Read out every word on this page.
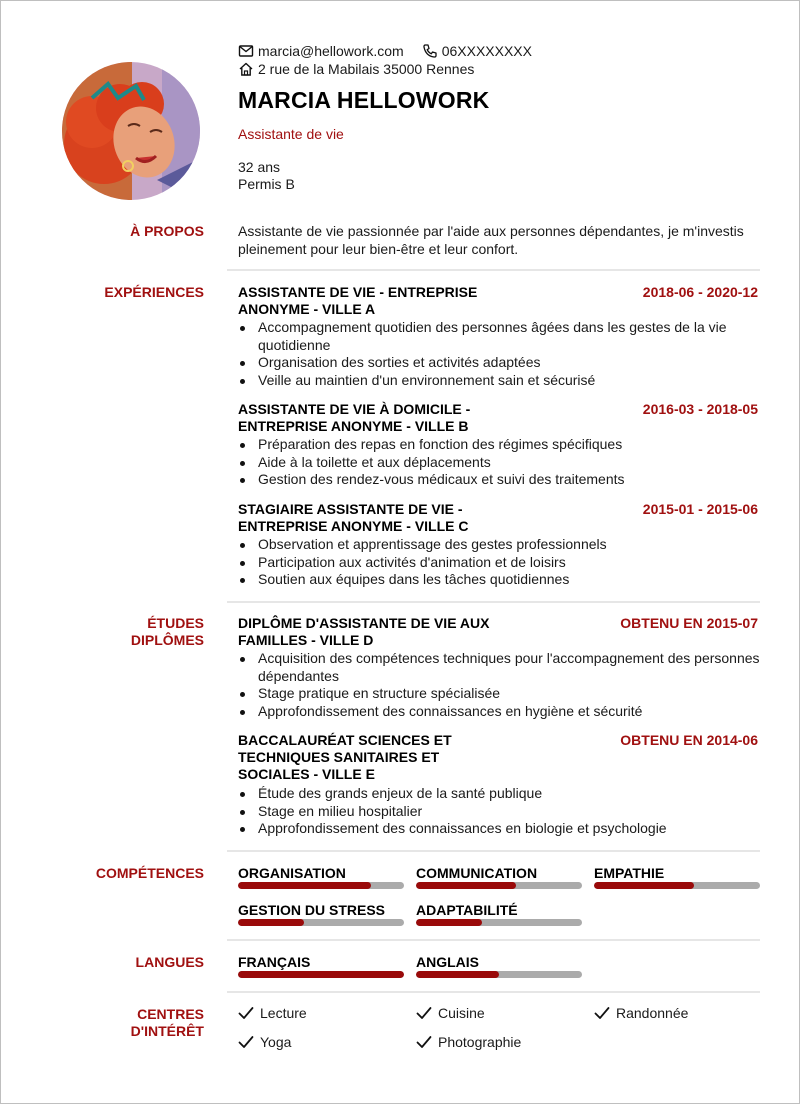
marcia@hellowork.com	06XXXXXXXX
2 rue de la Mabilais 35000 Rennes
MARCIA HELLOWORK
Assistante de vie
32 ans
Permis B
À PROPOS Assistante de vie passionnée par l'aide aux personnes dépendantes, je m'investis pleinement pour leur bien-être et leur confort.
EXPÉRIENCES ASSISTANTE DE VIE - ENTREPRISE
ANONYME - VILLE A
2018-06 - 2020-12
Accompagnement quotidien des personnes âgées dans les gestes de la vie quotidienne
Organisation des sorties et activités adaptées
Veille au maintien d'un environnement sain et sécurisé
ASSISTANTE DE VIE À DOMICILE -
ENTREPRISE ANONYME - VILLE B
2016-03 - 2018-05
Préparation des repas en fonction des régimes spécifiques
Aide à la toilette et aux déplacements
Gestion des rendez-vous médicaux et suivi des traitements
STAGIAIRE ASSISTANTE DE VIE -
ENTREPRISE ANONYME - VILLE C
2015-01 - 2015-06
Observation et apprentissage des gestes professionnels
Participation aux activités d'animation et de loisirs
Soutien aux équipes dans les tâches quotidiennes
ÉTUDES
DIPLÔMES
DIPLÔME D'ASSISTANTE DE VIE AUX
FAMILLES - VILLE D
OBTENU EN 2015-07
Acquisition des compétences techniques pour l'accompagnement des personnes dépendantes
Stage pratique en structure spécialisée
Approfondissement des connaissances en hygiène et sécurité
BACCALAURÉAT SCIENCES ET
TECHNIQUES SANITAIRES ET
SOCIALES - VILLE E
OBTENU EN 2014-06
Étude des grands enjeux de la santé publique
Stage en milieu hospitalier
Approfondissement des connaissances en biologie et psychologie
COMPÉTENCES ORGANISATION	COMMUNICATION	EMPATHIE
GESTION DU STRESS	ADAPTABILITÉ
LANGUES FRANÇAIS	ANGLAIS
CENTRES
D'INTÉRÊT
Lecture	Cuisine	Randonnée
Yoga	Photographie
